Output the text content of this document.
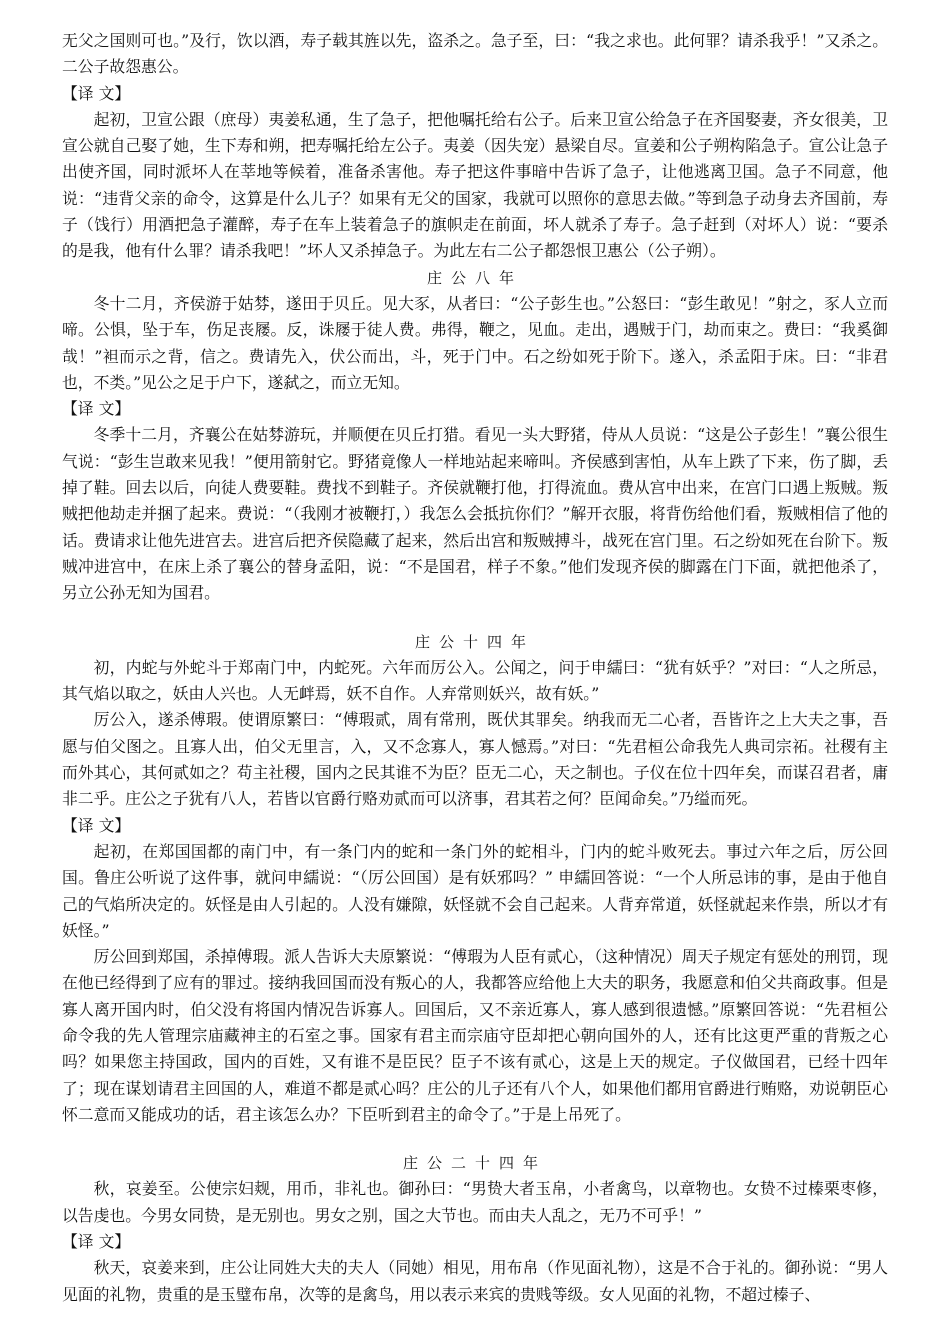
无父之国则可也。”及行，饮以酒，寿子载其旌以先，盗杀之。急子至，曰：“我之求也。此何罪？请杀我乎！”又杀之。二公子故怨惠公。

【译 文】

起初，卫宣公跟（庶母）夷姜私通，生了急子，把他嘱托给右公子。后来卫宣公给急子在齐国娶妻，齐女很美，卫宣公就自己娶了她，生下寿和朔，把寿嘱托给左公子。夷姜（因失宠）悬梁自尽。宣姜和公子朔构陷急子。宣公让急子出使齐国，同时派坏人在莘地等候着，准备杀害他。寿子把这件事暗中告诉了急子，让他逃离卫国。急子不同意，他说：“违背父亲的命令，这算是什么儿子？如果有无父的国家，我就可以照你的意思去做。”等到急子动身去齐国前，寿子（饯行）用酒把急子灌醉，寿子在车上装着急子的旗帜走在前面，坏人就杀了寿子。急子赶到（对坏人）说：“要杀的是我，他有什么罪？请杀我吧！”坏人又杀掉急子。为此左右二公子都怨恨卫惠公（公子朔）。

庄公八年

冬十二月，齐侯游于姑棼，遂田于贝丘。见大豕，从者曰：“公子彭生也。”公怒曰：“彭生敢见！”射之，豕人立而啼。公惧，坠于车，伤足丧屦。反，诛屦于徒人费。弗得，鞭之，见血。走出，遇贼于门，劫而束之。费曰：“我奚御哉！”袒而示之背，信之。费请先入，伏公而出，斗，死于门中。石之纷如死于阶下。遂入，杀孟阳于床。曰：“非君也，不类。”见公之足于户下，遂弑之，而立无知。

【译 文】

冬季十二月，齐襄公在姑棼游玩，并顺便在贝丘打猎。看见一头大野猪，侍从人员说：“这是公子彭生！”襄公很生气说：“彭生岂敢来见我！”便用箭射它。野猪竟像人一样地站起来啼叫。齐侯感到害怕，从车上跌了下来，伤了脚，丢掉了鞋。回去以后，向徒人费要鞋。费找不到鞋子。齐侯就鞭打他，打得流血。费从宫中出来，在宫门口遇上叛贼。叛贼把他劫走并捆了起来。费说：“（我刚才被鞭打，）我怎么会抵抗你们？”解开衣服，将背伤给他们看，叛贼相信了他的话。费请求让他先进宫去。进宫后把齐侯隐藏了起来，然后出宫和叛贼搏斗，战死在宫门里。石之纷如死在台阶下。叛贼冲进宫中，在床上杀了襄公的替身孟阳，说：“不是国君，样子不象。”他们发现齐侯的脚露在门下面，就把他杀了，另立公孙无知为国君。

庄公十四年

初，内蛇与外蛇斗于郑南门中，内蛇死。六年而厉公入。公闻之，问于申繻曰：“犹有妖乎？”对曰：“人之所忌，其气焰以取之，妖由人兴也。人无衅焉，妖不自作。人弃常则妖兴，故有妖。”

厉公入，遂杀傅瑕。使谓原繁曰：“傅瑕贰，周有常刑，既伏其罪矣。纳我而无二心者，吾皆许之上大夫之事，吾愿与伯父图之。且寡人出，伯父无里言，入，又不念寡人，寡人憾焉。”对曰：“先君桓公命我先人典司宗祏。社稷有主而外其心，其何贰如之？苟主社稷，国内之民其谁不为臣？臣无二心，天之制也。子仪在位十四年矣，而谋召君者，庸非二乎。庄公之子犹有八人，若皆以官爵行赂劝贰而可以济事，君其若之何？臣闻命矣。”乃缢而死。

【译 文】

起初，在郑国国都的南门中，有一条门内的蛇和一条门外的蛇相斗，门内的蛇斗败死去。事过六年之后，厉公回国。鲁庄公听说了这件事，就问申繻说：“（厉公回国）是有妖邪吗？” 申繻回答说：“一个人所忌讳的事，是由于他自己的气焰所决定的。妖怪是由人引起的。人没有嫌隙，妖怪就不会自己起来。人背弃常道，妖怪就起来作祟，所以才有妖怪。”

厉公回到郑国，杀掉傅瑕。派人告诉大夫原繁说：“傅瑕为人臣有贰心，（这种情况）周天子规定有惩处的刑罚，现在他已经得到了应有的罪过。接纳我回国而没有叛心的人，我都答应给他上大夫的职务，我愿意和伯父共商政事。但是寡人离开国内时，伯父没有将国内情况告诉寡人。回国后，又不亲近寡人，寡人感到很遗憾。”原繁回答说：“先君桓公命令我的先人管理宗庙藏神主的石室之事。国家有君主而宗庙守臣却把心朝向国外的人，还有比这更严重的背叛之心吗？如果您主持国政，国内的百姓，又有谁不是臣民？臣子不该有贰心，这是上天的规定。子仪做国君，已经十四年了；现在谋划请君主回国的人，难道不都是贰心吗？庄公的儿子还有八个人，如果他们都用官爵进行贿赂，劝说朝臣心怀二意而又能成功的话，君主该怎么办？下臣听到君主的命令了。”于是上吊死了。

庄公二十四年

秋，哀姜至。公使宗妇觌，用币，非礼也。御孙曰：“男贽大者玉帛，小者禽鸟，以章物也。女贽不过榛栗枣修，以告虔也。今男女同贽，是无别也。男女之别，国之大节也。而由夫人乱之，无乃不可乎！”

【译 文】

秋天，哀姜来到，庄公让同姓大夫的夫人（同她）相见，用布帛（作见面礼物），这是不合于礼的。御孙说：“男人见面的礼物，贵重的是玉璧布帛，次等的是禽鸟，用以表示来宾的贵贱等级。女人见面的礼物，不超过榛子、
